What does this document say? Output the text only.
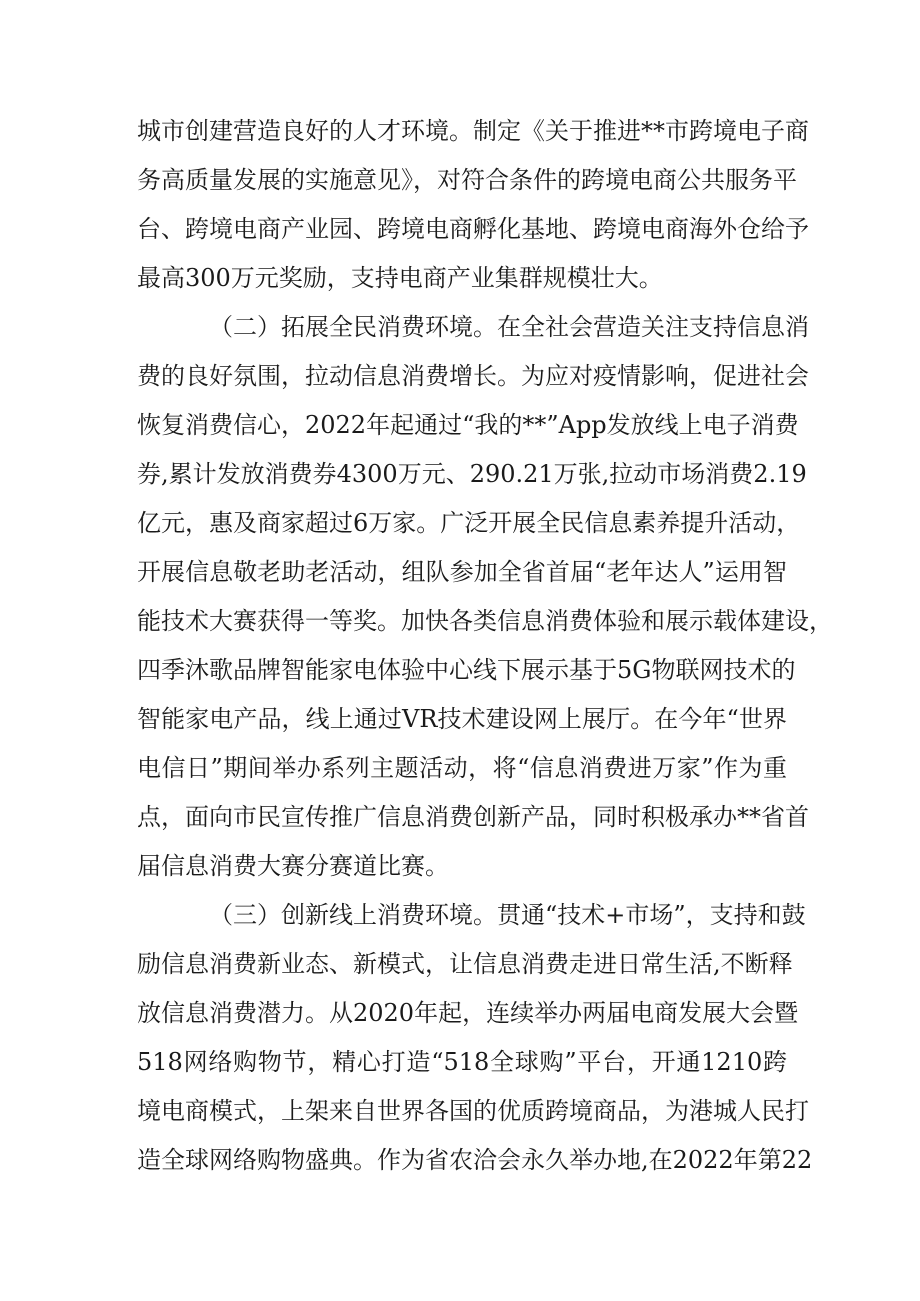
城市创建营造良好的人才环境。制定《关于推进**市跨境电子商
务高质量发展的实施意见》，对符合条件的跨境电商公共服务平
台、跨境电商产业园、跨境电商孵化基地、跨境电商海外仓给予
最高300万元奖励，支持电商产业集群规模壮大。
（二）拓展全民消费环境。在全社会营造关注支持信息消
费的良好氛围，拉动信息消费增长。为应对疫情影响，促进社会
恢复消费信心，2022年起通过“我的**”App发放线上电子消费
券,累计发放消费券4300万元、290.21万张,拉动市场消费2.19
亿元，惠及商家超过6万家。广泛开展全民信息素养提升活动，
开展信息敬老助老活动，组队参加全省首届“老年达人”运用智
能技术大赛获得一等奖。加快各类信息消费体验和展示载体建设，
四季沐歌品牌智能家电体验中心线下展示基于5G物联网技术的
智能家电产品，线上通过VR技术建设网上展厅。在今年“世界
电信日”期间举办系列主题活动，将“信息消费进万家”作为重
点，面向市民宣传推广信息消费创新产品，同时积极承办**省首
届信息消费大赛分赛道比赛。
（三）创新线上消费环境。贯通“技术+市场”，支持和鼓
励信息消费新业态、新模式，让信息消费走进日常生活,不断释
放信息消费潜力。从2020年起，连续举办两届电商发展大会暨
518网络购物节，精心打造“518全球购”平台，开通1210跨
境电商模式，上架来自世界各国的优质跨境商品，为港城人民打
造全球网络购物盛典。作为省农洽会永久举办地,在2022年第22
